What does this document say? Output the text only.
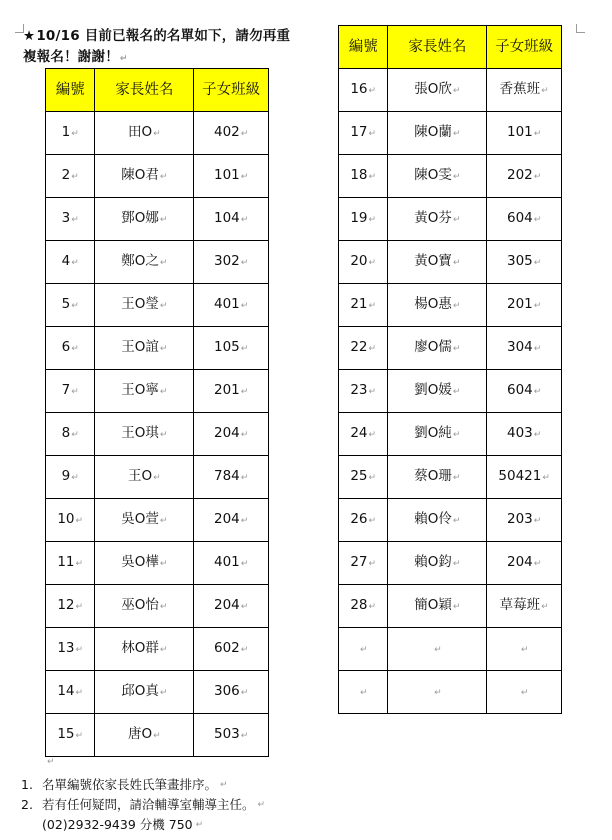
★10/16 目前已報名的名單如下，請勿再重
複報名！謝謝！↵
編號	家長姓名	子女班級
1↵	田O↵	402↵
2↵	陳O君↵	101↵
3↵	鄧O娜↵	104↵
4↵	鄭O之↵	302↵
5↵	王O瑩↵	401↵
6↵	王O誼↵	105↵
7↵	王O寧↵	201↵
8↵	王O琪↵	204↵
9↵	王O↵	784↵
10↵	吳O萱↵	204↵
11↵	吳O樺↵	401↵
12↵	巫O怡↵	204↵
13↵	林O群↵	602↵
14↵	邱O真↵	306↵
15↵	唐O↵	503↵
編號	家長姓名	子女班級
16↵	張O欣↵	香蕉班↵
17↵	陳O蘭↵	101↵
18↵	陳O雯↵	202↵
19↵	黃O芬↵	604↵
20↵	黃O寶↵	305↵
21↵	楊O惠↵	201↵
22↵	廖O儒↵	304↵
23↵	劉O媛↵	604↵
24↵	劉O純↵	403↵
25↵	蔡O珊↵	50421↵
26↵	賴O伶↵	203↵
27↵	賴O鈞↵	204↵
28↵	簡O穎↵	草莓班↵
↵	↵	↵
↵	↵	↵
↵
1. 名單編號依家長姓氏筆畫排序。 ↵
2. 若有任何疑問，請洽輔導室輔導主任。 ↵
(02)2932-9439 分機 750 ↵
